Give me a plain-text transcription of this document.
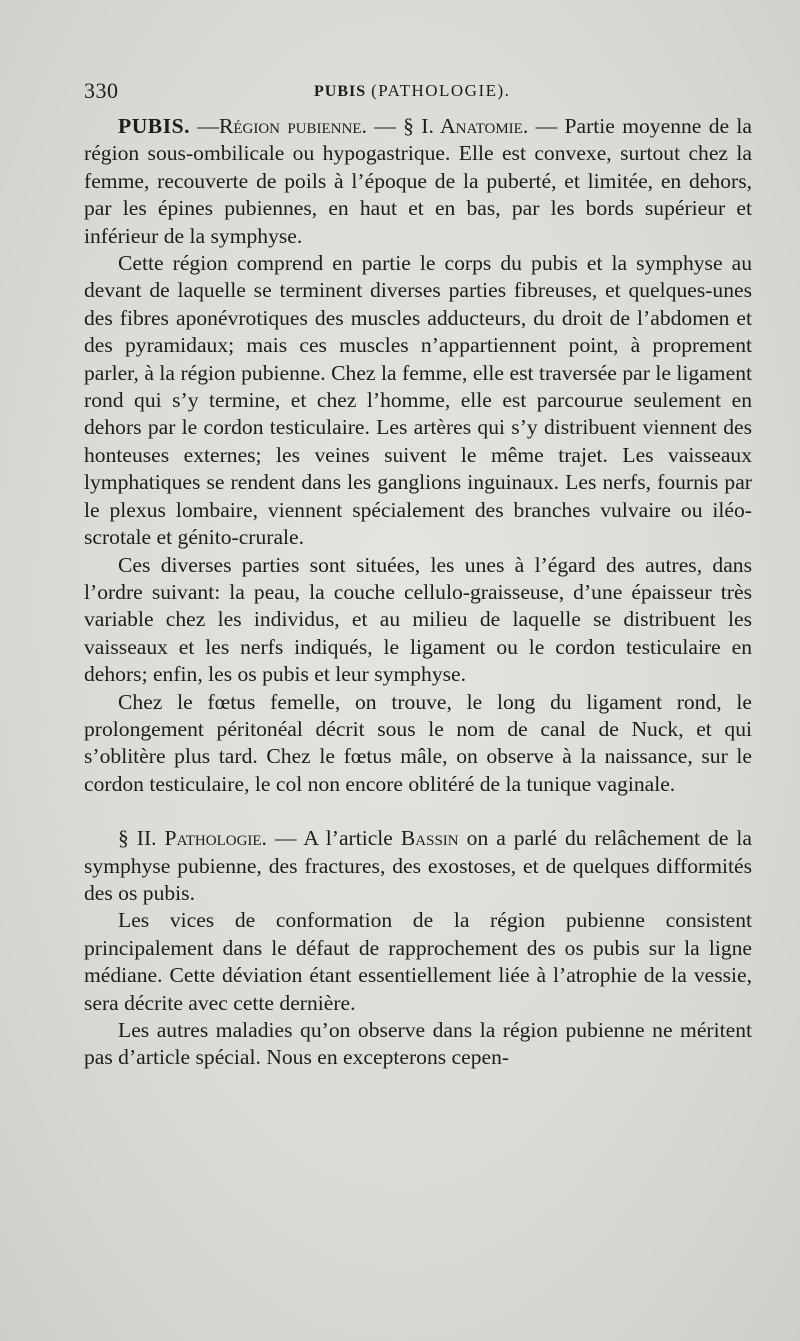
330	PUBIS (PATHOLOGIE).

PUBIS. —Région pubienne. — § I. Anatomie. — Partie moyenne de la région sous-ombilicale ou hypogastrique. Elle est convexe, surtout chez la femme, recouverte de poils à l’époque de la puberté, et limitée, en dehors, par les épines pubiennes, en haut et en bas, par les bords supérieur et inférieur de la symphyse.

Cette région comprend en partie le corps du pubis et la symphyse au devant de laquelle se terminent diverses parties fibreuses, et quelques-unes des fibres aponévrotiques des muscles adducteurs, du droit de l’abdomen et des pyramidaux; mais ces muscles n’appartiennent point, à proprement parler, à la région pubienne. Chez la femme, elle est traversée par le ligament rond qui s’y termine, et chez l’homme, elle est parcourue seulement en dehors par le cordon testiculaire. Les artères qui s’y distribuent viennent des honteuses externes; les veines suivent le même trajet. Les vaisseaux lymphatiques se rendent dans les ganglions inguinaux. Les nerfs, fournis par le plexus lombaire, viennent spécialement des branches vulvaire ou iléo-scrotale et génito-crurale.

Ces diverses parties sont situées, les unes à l’égard des autres, dans l’ordre suivant: la peau, la couche cellulo-graisseuse, d’une épaisseur très variable chez les individus, et au milieu de laquelle se distribuent les vaisseaux et les nerfs indiqués, le ligament ou le cordon testiculaire en dehors; enfin, les os pubis et leur symphyse.

Chez le fœtus femelle, on trouve, le long du ligament rond, le prolongement péritonéal décrit sous le nom de canal de Nuck, et qui s’oblitère plus tard. Chez le fœtus mâle, on observe à la naissance, sur le cordon testiculaire, le col non encore oblitéré de la tunique vaginale.

§ II. Pathologie. — A l’article Bassin on a parlé du relâchement de la symphyse pubienne, des fractures, des exostoses, et de quelques difformités des os pubis.

Les vices de conformation de la région pubienne consistent principalement dans le défaut de rapprochement des os pubis sur la ligne médiane. Cette déviation étant essentiellement liée à l’atrophie de la vessie, sera décrite avec cette dernière.

Les autres maladies qu’on observe dans la région pubienne ne méritent pas d’article spécial. Nous en excepterons cepen-
